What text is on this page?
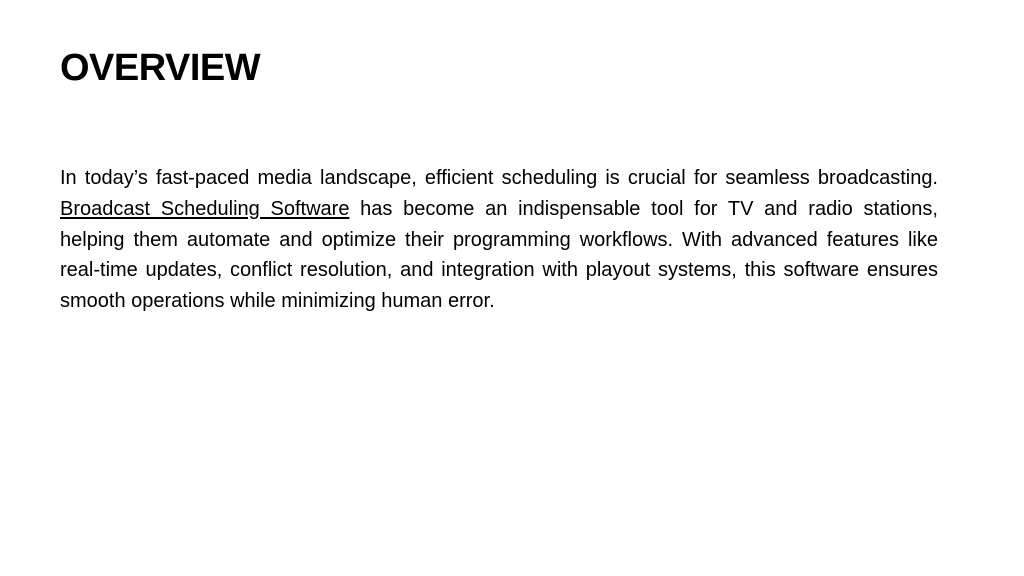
OVERVIEW

In today’s fast-paced media landscape, efficient scheduling is crucial for seamless broadcasting. Broadcast Scheduling Software has become an indispensable tool for TV and radio stations, helping them automate and optimize their programming workflows. With advanced features like real-time updates, conflict resolution, and integration with playout systems, this software ensures smooth operations while minimizing human error.
